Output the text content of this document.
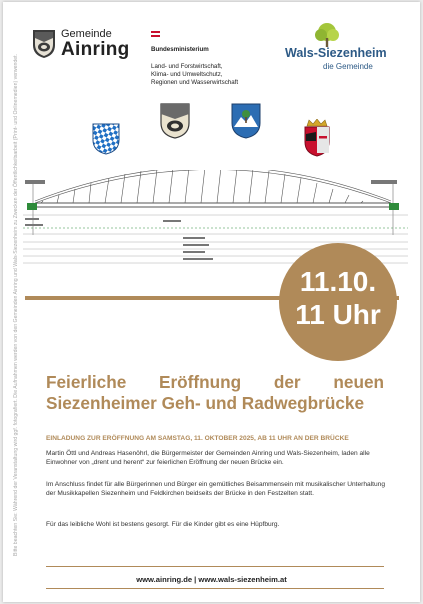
Bitte beachten Sie: Während der Veranstaltung wird ggf. fotografiert. Die Aufnahmen werden von den Gemeinden Ainring und Wals-Siezenheim zu Zwecken der Öffentlichkeitsarbeit (Print- und Onlinemedien) verwendet.
Gemeinde
Ainring	Bundesministerium

Land- und Forstwirtschaft,
Klima- und Umweltschutz,
Regionen und Wasserwirtschaft

Wals-Siezenheim
die Gemeinde
11.10.
11 Uhr
Feierliche Eröffnung der neuen Siezenheimer Geh- und Radwegbrücke
EINLADUNG ZUR ERÖFFNUNG AM SAMSTAG, 11. OKTOBER 2025, AB 11 UHR AN DER BRÜCKE
Martin Öttl und Andreas Hasenöhrl, die Bürgermeister der Gemeinden Ainring und Wals-Siezenheim, laden alle Einwohner von „drent und herent“ zur feierlichen Eröffnung der neuen Brücke ein.
Im Anschluss findet für alle Bürgerinnen und Bürger ein gemütliches Beisammensein mit musikalischer Unterhaltung der Musikkapellen Siezenheim und Feldkirchen beidseits der Brücke in den Festzelten statt.
Für das leibliche Wohl ist bestens gesorgt. Für die Kinder gibt es eine Hüpfburg.
www.ainring.de | www.wals-siezenheim.at
